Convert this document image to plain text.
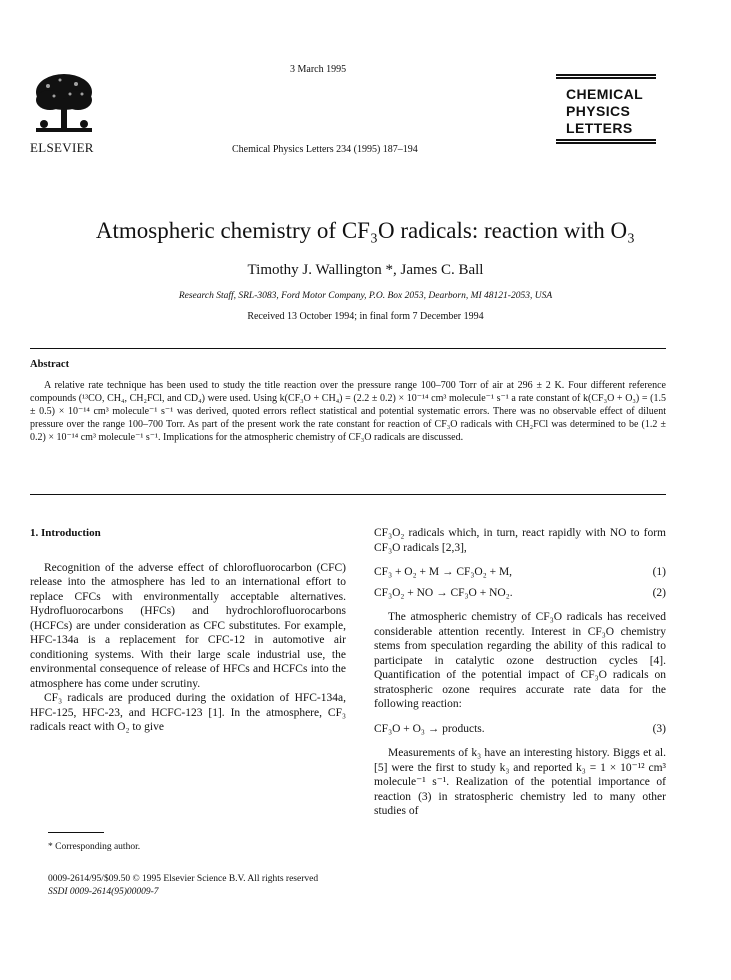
ELSEVIER
3 March 1995
Chemical Physics Letters 234 (1995) 187–194
CHEMICAL
PHYSICS
LETTERS
Atmospheric chemistry of CF₃O radicals: reaction with O₃
Timothy J. Wallington *, James C. Ball
Research Staff, SRL-3083, Ford Motor Company, P.O. Box 2053, Dearborn, MI 48121-2053, USA
Received 13 October 1994; in final form 7 December 1994
Abstract

A relative rate technique has been used to study the title reaction over the pressure range 100–700 Torr of air at 296 ± 2 K. Four different reference compounds (¹³CO, CH₄, CH₂FCl, and CD₄) were used. Using k(CF₃O + CH₄) = (2.2 ± 0.2) × 10⁻¹⁴ cm³ molecule⁻¹ s⁻¹ a rate constant of k(CF₃O + O₃) = (1.5 ± 0.5) × 10⁻¹⁴ cm³ molecule⁻¹ s⁻¹ was derived, quoted errors reflect statistical and potential systematic errors. There was no observable effect of diluent pressure over the range 100–700 Torr. As part of the present work the rate constant for reaction of CF₃O radicals with CH₂FCl was determined to be (1.2 ± 0.2) × 10⁻¹⁴ cm³ molecule⁻¹ s⁻¹. Implications for the atmospheric chemistry of CF₃O radicals are discussed.

1. Introduction

Recognition of the adverse effect of chlorofluorocarbon (CFC) release into the atmosphere has led to an international effort to replace CFCs with environmentally acceptable alternatives. Hydrofluorocarbons (HFCs) and hydrochlorofluorocarbons (HCFCs) are under consideration as CFC substitutes. For example, HFC-134a is a replacement for CFC-12 in automotive air conditioning systems. With their large scale industrial use, the environmental consequence of release of HFCs and HCFCs into the atmosphere has come under scrutiny.

CF₃ radicals are produced during the oxidation of HFC-134a, HFC-125, HFC-23, and HCFC-123 [1]. In the atmosphere, CF₃ radicals react with O₂ to give

CF₃O₂ radicals which, in turn, react rapidly with NO to form CF₃O radicals [2,3],

CF₃ + O₂ + M → CF₃O₂ + M,	(1)
CF₃O₂ + NO → CF₃O + NO₂.	(2)

The atmospheric chemistry of CF₃O radicals has received considerable attention recently. Interest in CF₃O chemistry stems from speculation regarding the ability of this radical to participate in catalytic ozone destruction cycles [4]. Quantification of the potential impact of CF₃O radicals on stratospheric ozone requires accurate rate data for the following reaction:

CF₃O + O₃ → products.	(3)

Measurements of k₃ have an interesting history. Biggs et al. [5] were the first to study k₃ and reported k₃ = 1 × 10⁻¹² cm³ molecule⁻¹ s⁻¹. Realization of the potential importance of reaction (3) in stratospheric chemistry led to many other studies of

* Corresponding author.
0009-2614/95/$09.50 © 1995 Elsevier Science B.V. All rights reserved
SSDI 0009-2614(95)00009-7
